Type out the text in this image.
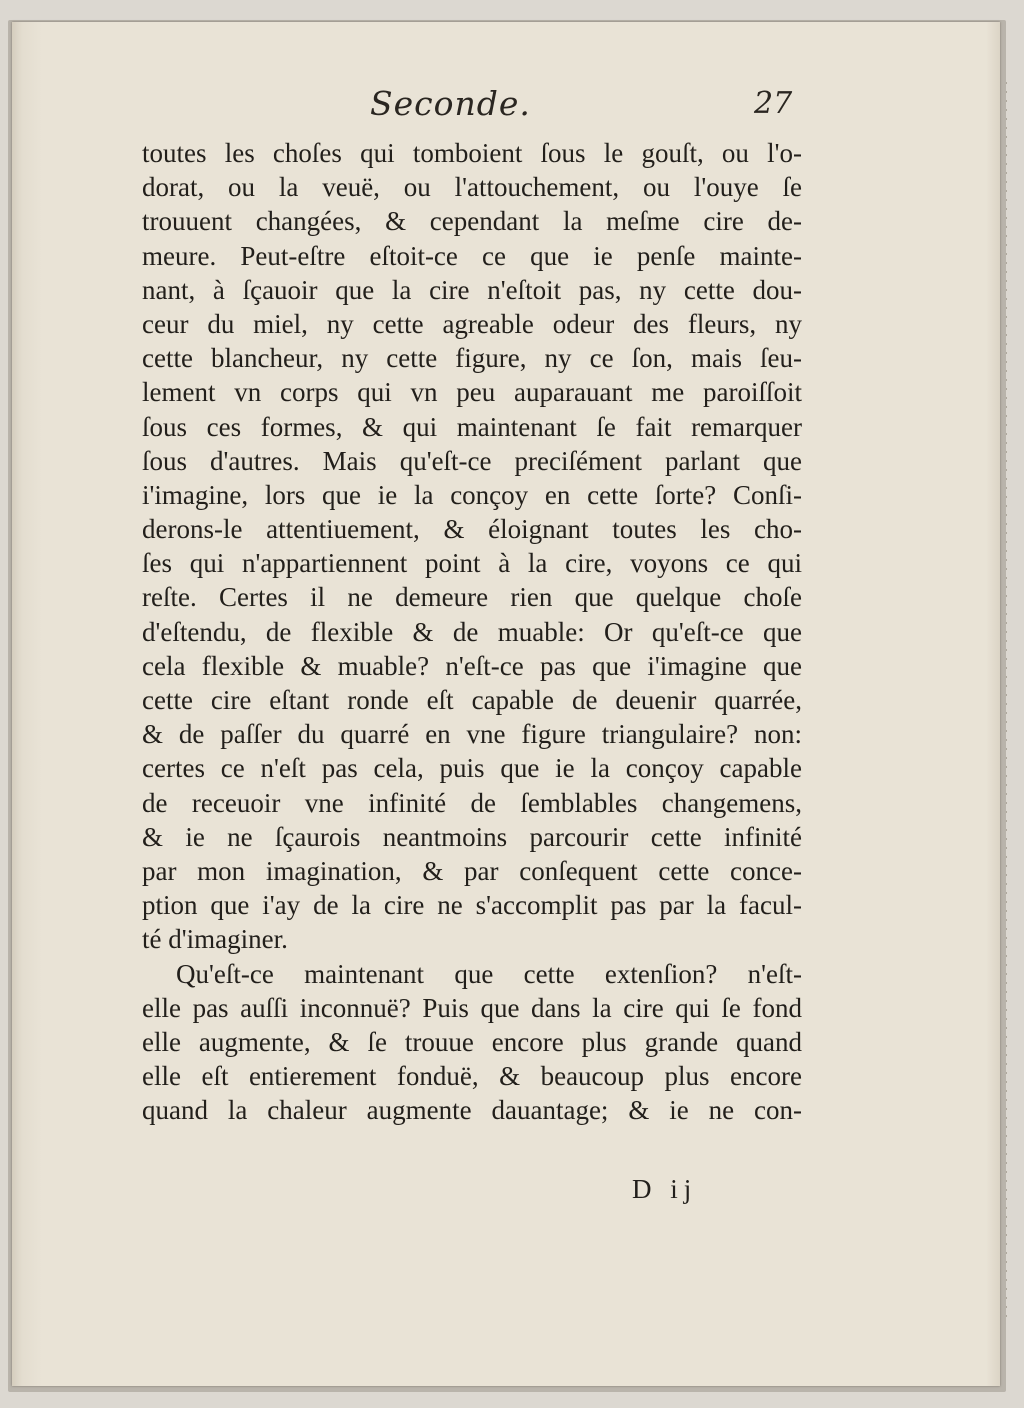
Seconde.	27
toutes les choſes qui tomboient ſous le gouſt, ou l'o-
dorat, ou la veuë, ou l'attouchement, ou l'ouye ſe
trouuent changées, & cependant la meſme cire de-
meure. Peut-eſtre eſtoit-ce ce que ie penſe mainte-
nant, à ſçauoir que la cire n'eſtoit pas, ny cette dou-
ceur du miel, ny cette agreable odeur des fleurs, ny
cette blancheur, ny cette figure, ny ce ſon, mais ſeu-
lement vn corps qui vn peu auparauant me paroiſſoit
ſous ces formes, & qui maintenant ſe fait remarquer
ſous d'autres. Mais qu'eſt-ce preciſément parlant que
i'imagine, lors que ie la conçoy en cette ſorte? Conſi-
derons-le attentiuement, & éloignant toutes les cho-
ſes qui n'appartiennent point à la cire, voyons ce qui
reſte. Certes il ne demeure rien que quelque choſe
d'eſtendu, de flexible & de muable: Or qu'eſt-ce que
cela flexible & muable? n'eſt-ce pas que i'imagine que
cette cire eſtant ronde eſt capable de deuenir quarrée,
& de paſſer du quarré en vne figure triangulaire? non:
certes ce n'eſt pas cela, puis que ie la conçoy capable
de receuoir vne infinité de ſemblables changemens,
& ie ne ſçaurois neantmoins parcourir cette infinité
par mon imagination, & par conſequent cette conce-
ption que i'ay de la cire ne s'accomplit pas par la facul-
té d'imaginer.
Qu'eſt-ce maintenant que cette extenſion? n'eſt-
elle pas auſſi inconnuë? Puis que dans la cire qui ſe fond
elle augmente, & ſe trouue encore plus grande quand
elle eſt entierement fonduë, & beaucoup plus encore
quand la chaleur augmente dauantage; & ie ne con-
D ij
